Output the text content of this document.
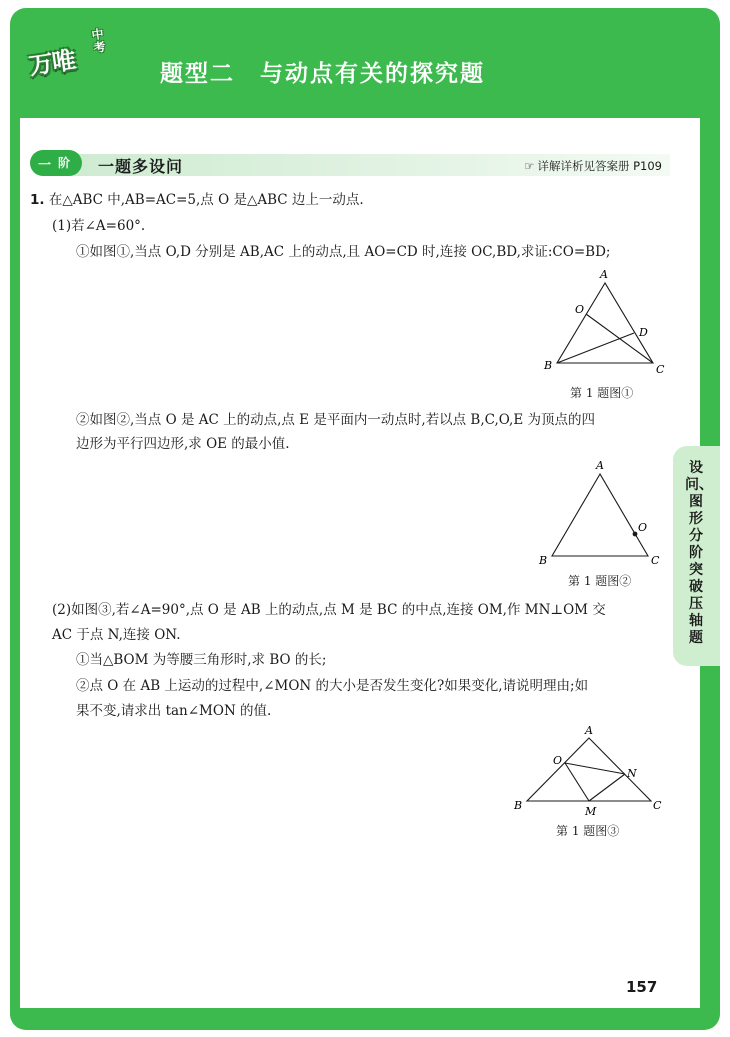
万唯
中考
题型二　与动点有关的探究题
一 阶 一题多设问	☞ 详解详析见答案册 P109
1. 在△ABC 中,AB=AC=5,点 O 是△ABC 边上一动点.
(1)若∠A=60°.
①如图①,当点 O,D 分别是 AB,AC 上的动点,且 AO=CD 时,连接 OC,BD,求证:CO=BD;
A
B	C
O
D
第 1 题图①
②如图②,当点 O 是 AC 上的动点,点 E 是平面内一动点时,若以点 B,C,O,E 为顶点的四
边形为平行四边形,求 OE 的最小值.
A
B	C
O
第 1 题图②
(2)如图③,若∠A=90°,点 O 是 AB 上的动点,点 M 是 BC 的中点,连接 OM,作 MN⊥OM 交
AC 于点 N,连接 ON.
①当△BOM 为等腰三角形时,求 BO 的长;
②点 O 在 AB 上运动的过程中,∠MON 的大小是否发生变化?如果变化,请说明理由;如
果不变,请求出 tan∠MON 的值.
A
B	C
O
N
M
第 1 题图③
设问、图形分阶突破压轴题
157
